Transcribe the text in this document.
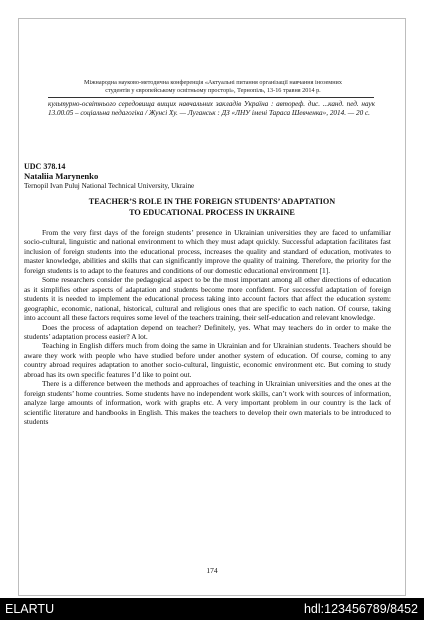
Міжнародна науково-методична конференція «Актуальні питання організації навчання іноземних
студентів у європейському освітньому просторі», Тернопіль, 13-16 травня 2014 р.
культурно-освітнього середовища вищих навчальних закладів Україна : автореф. дис. ...канд. пед. наук 13.00.05 – соціальна педагогіка / Жунсі Ху. — Луганськ : ДЗ «ЛНУ імені Тараса Шевченка», 2014. — 20 с.
UDC 378.14
Nataliia Marynenko
Ternopil Ivan Puluj National Technical University, Ukraine
TEACHER’S ROLE IN THE FOREIGN STUDENTS’ ADAPTATION
TO EDUCATIONAL PROCESS IN UKRAINE

From the very first days of the foreign students’ presence in Ukrainian universities they are faced to unfamiliar socio-cultural, linguistic and national environment to which they must adapt quickly. Successful adaptation facilitates fast inclusion of foreign students into the educational process, increases the quality and standard of education, motivates to master knowledge, abilities and skills that can significantly improve the quality of training. Therefore, the priority for the foreign students is to adapt to the features and conditions of our domestic educational environment [1].

Some researchers consider the pedagogical aspect to be the most important among all other directions of education as it simplifies other aspects of adaptation and students become more confident. For successful adaptation of foreign students it is needed to implement the educational process taking into account factors that affect the education system: geographic, economic, national, historical, cultural and religious ones that are specific to each nation. Of course, taking into account all these factors requires some level of the teachers training, their self-education and relevant knowledge.

Does the process of adaptation depend on teacher? Definitely, yes. What may teachers do in order to make the students’ adaptation process easier? A lot.

Teaching in English differs much from doing the same in Ukrainian and for Ukrainian students. Teachers should be aware they work with people who have studied before under another system of education. Of course, coming to any country abroad requires adaptation to another socio-cultural, linguistic, economic environment etc. But coming to study abroad has its own specific features I’d like to point out.

There is a difference between the methods and approaches of teaching in Ukrainian universities and the ones at the foreign students’ home countries. Some students have no independent work skills, can’t work with sources of information, analyze large amounts of information, work with graphs etc. A very important problem in our country is the lack of scientific literature and handbooks in English. This makes the teachers to develop their own materials to be introduced to students

174
ELARTU	hdl:123456789/8452
